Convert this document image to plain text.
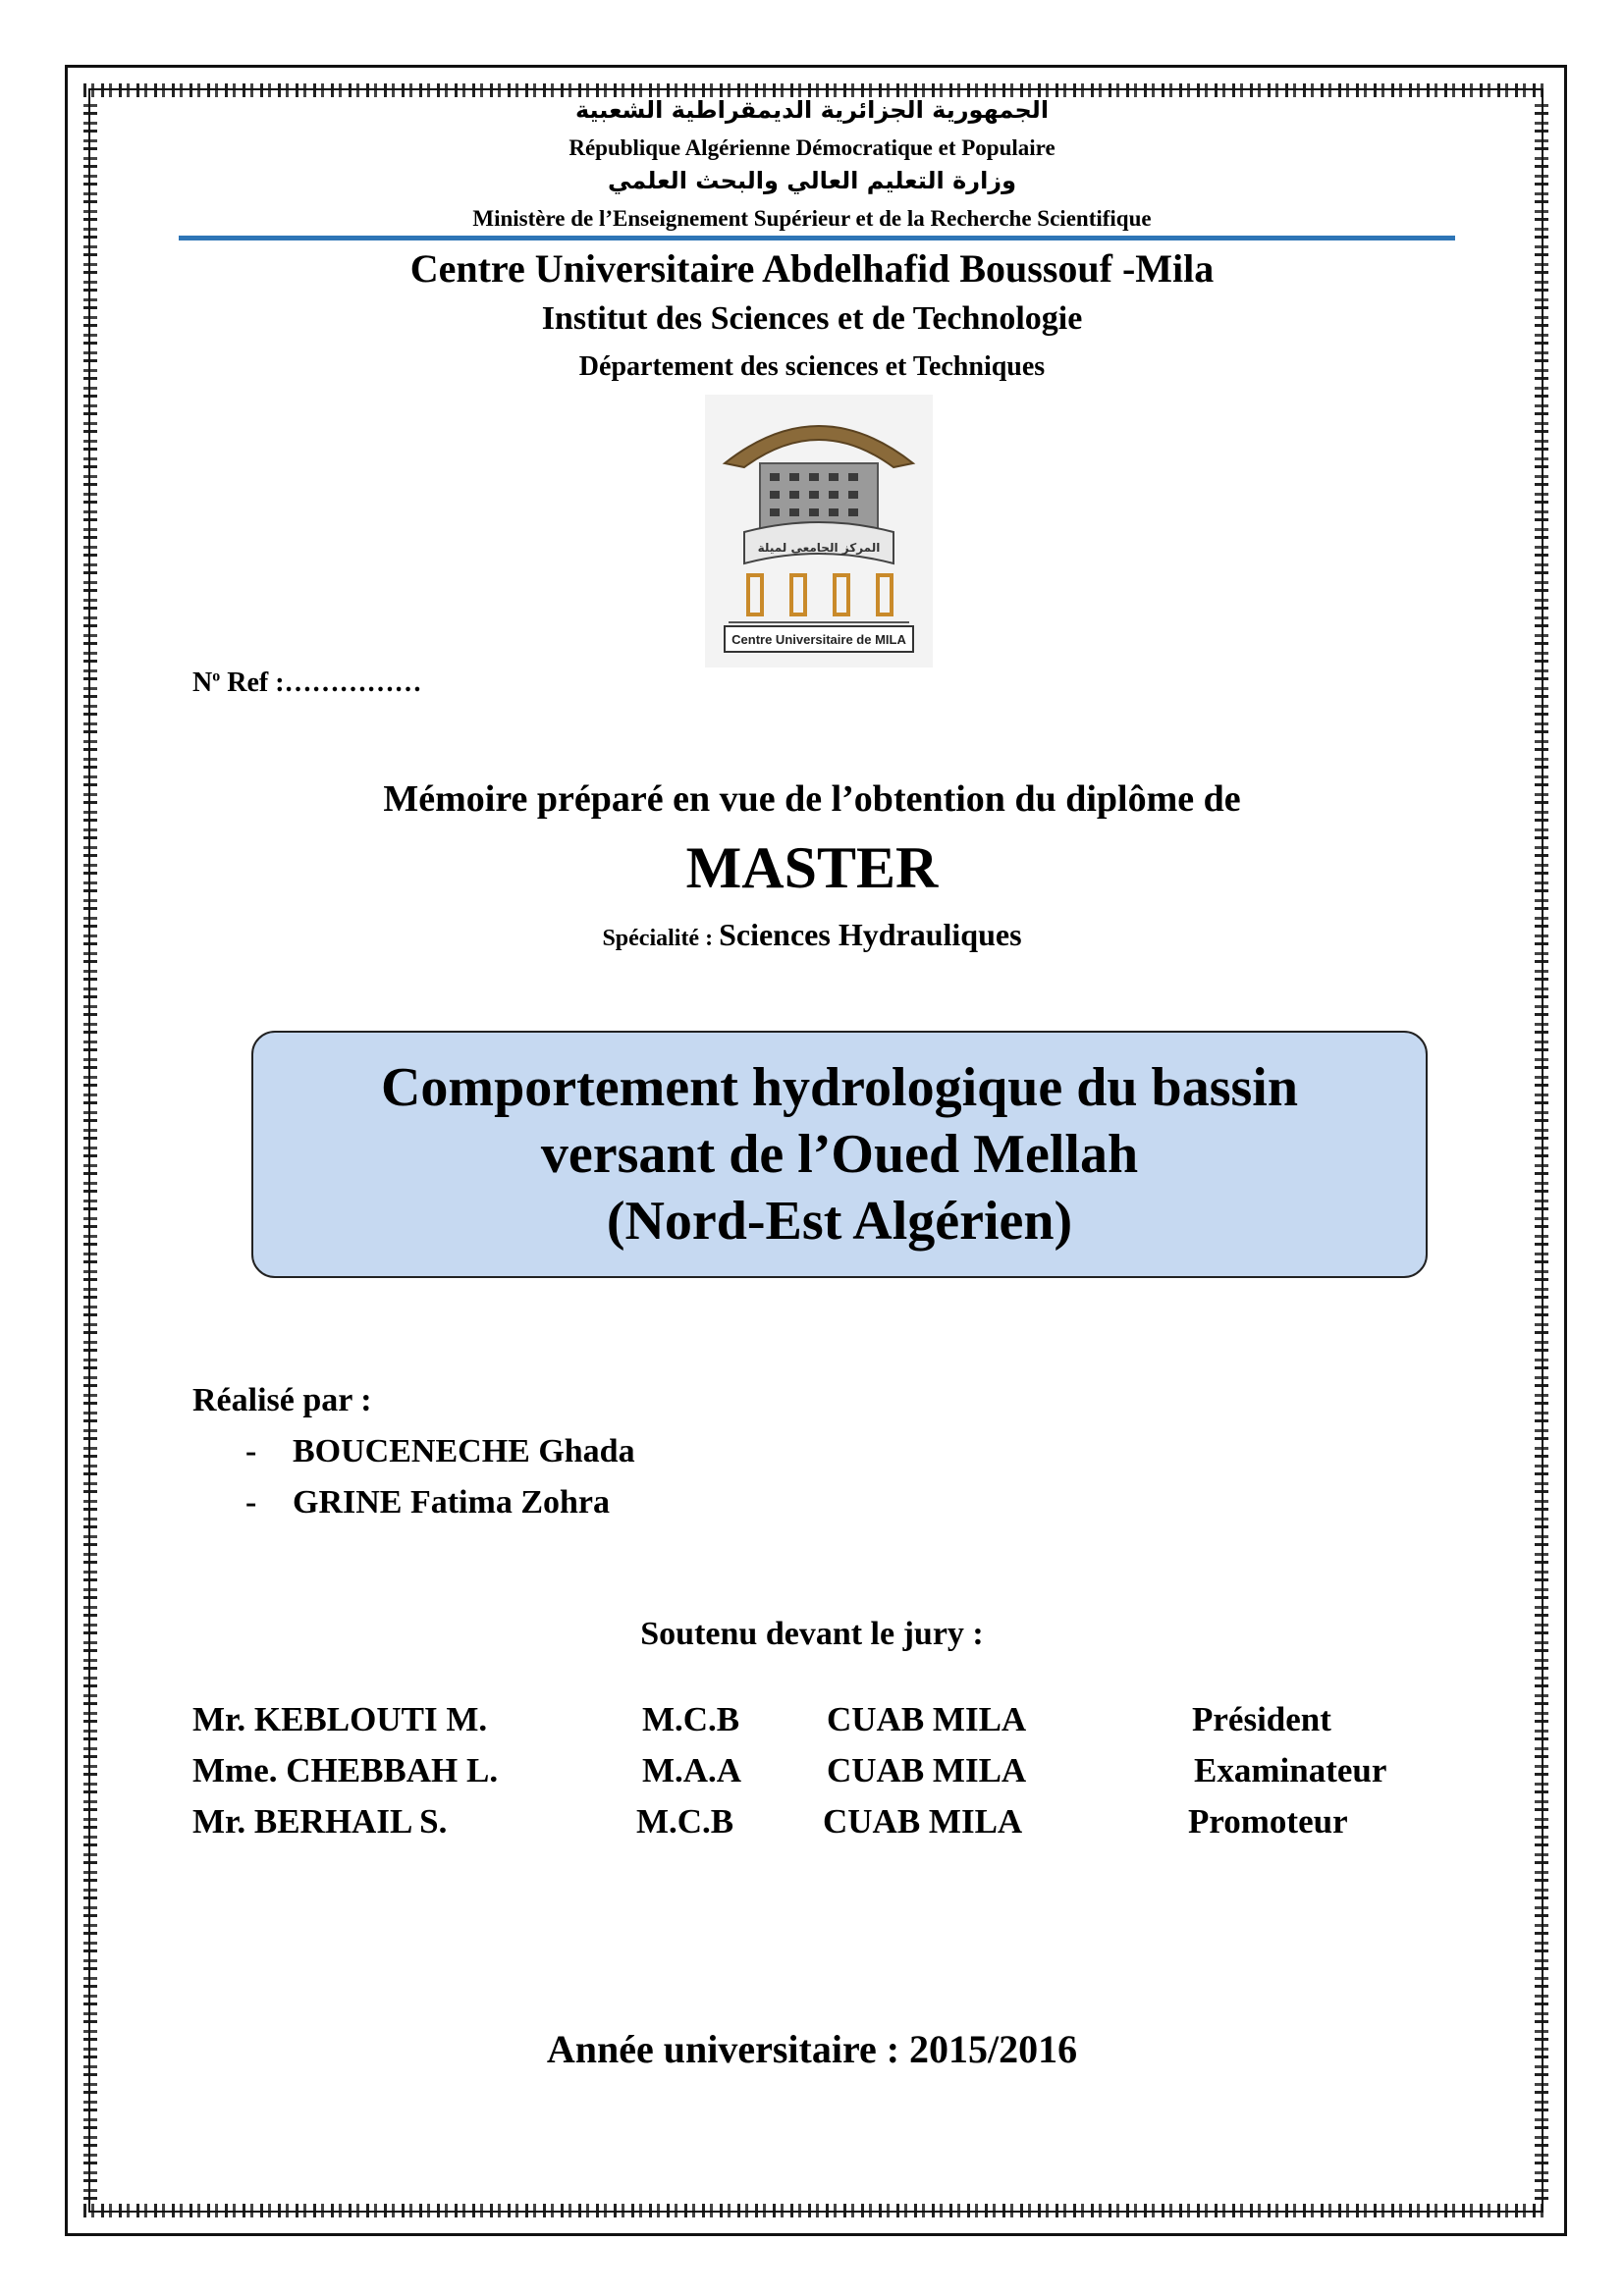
الجمهورية الجزائرية الديمقراطية الشعبية
République Algérienne Démocratique et Populaire
وزارة التعليم العالي والبحث العلمي
Ministère de l’Enseignement Supérieur et de la Recherche Scientifique
Centre Universitaire Abdelhafid Boussouf -Mila
Institut des Sciences et de Technologie
Département des sciences et Techniques
المركز الجامعي لميلة
Centre Universitaire de MILA
$N^o$ Ref :……………
Mémoire préparé en vue de l’obtention du diplôme de
MASTER
Spécialité : Sciences Hydrauliques
Comportement hydrologique du bassin
versant de l’Oued Mellah
(Nord-Est Algérien)
Réalisé par :
- BOUCENECHE Ghada
- GRINE Fatima Zohra
Soutenu devant le jury :
Mr. KEBLOUTI M.	M.C.B	CUAB MILA	Président
Mme. CHEBBAH L.	M.A.A CUAB MILA	Examinateur
Mr. BERHAIL S.	M.C.B	CUAB MILA	Promoteur
Année universitaire : 2015/2016
